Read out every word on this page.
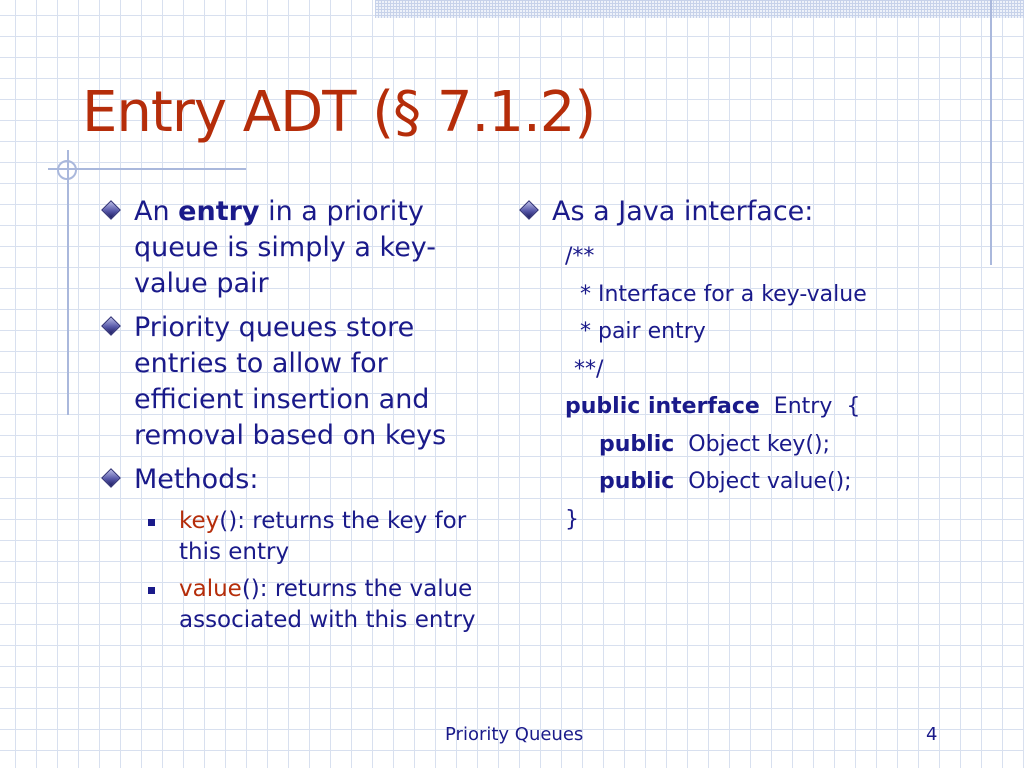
Entry ADT (§ 7.1.2)
An entry in a priority queue is simply a key-value pair
Priority queues store entries to allow for efficient insertion and removal based on keys
Methods:
key(): returns the key for this entry
value(): returns the value associated with this entry
As a Java interface:
/**
* Interface for a key-value
* pair entry
**/
public interface  Entry  {
public  Object key();
public  Object value();
}
Priority Queues	4
